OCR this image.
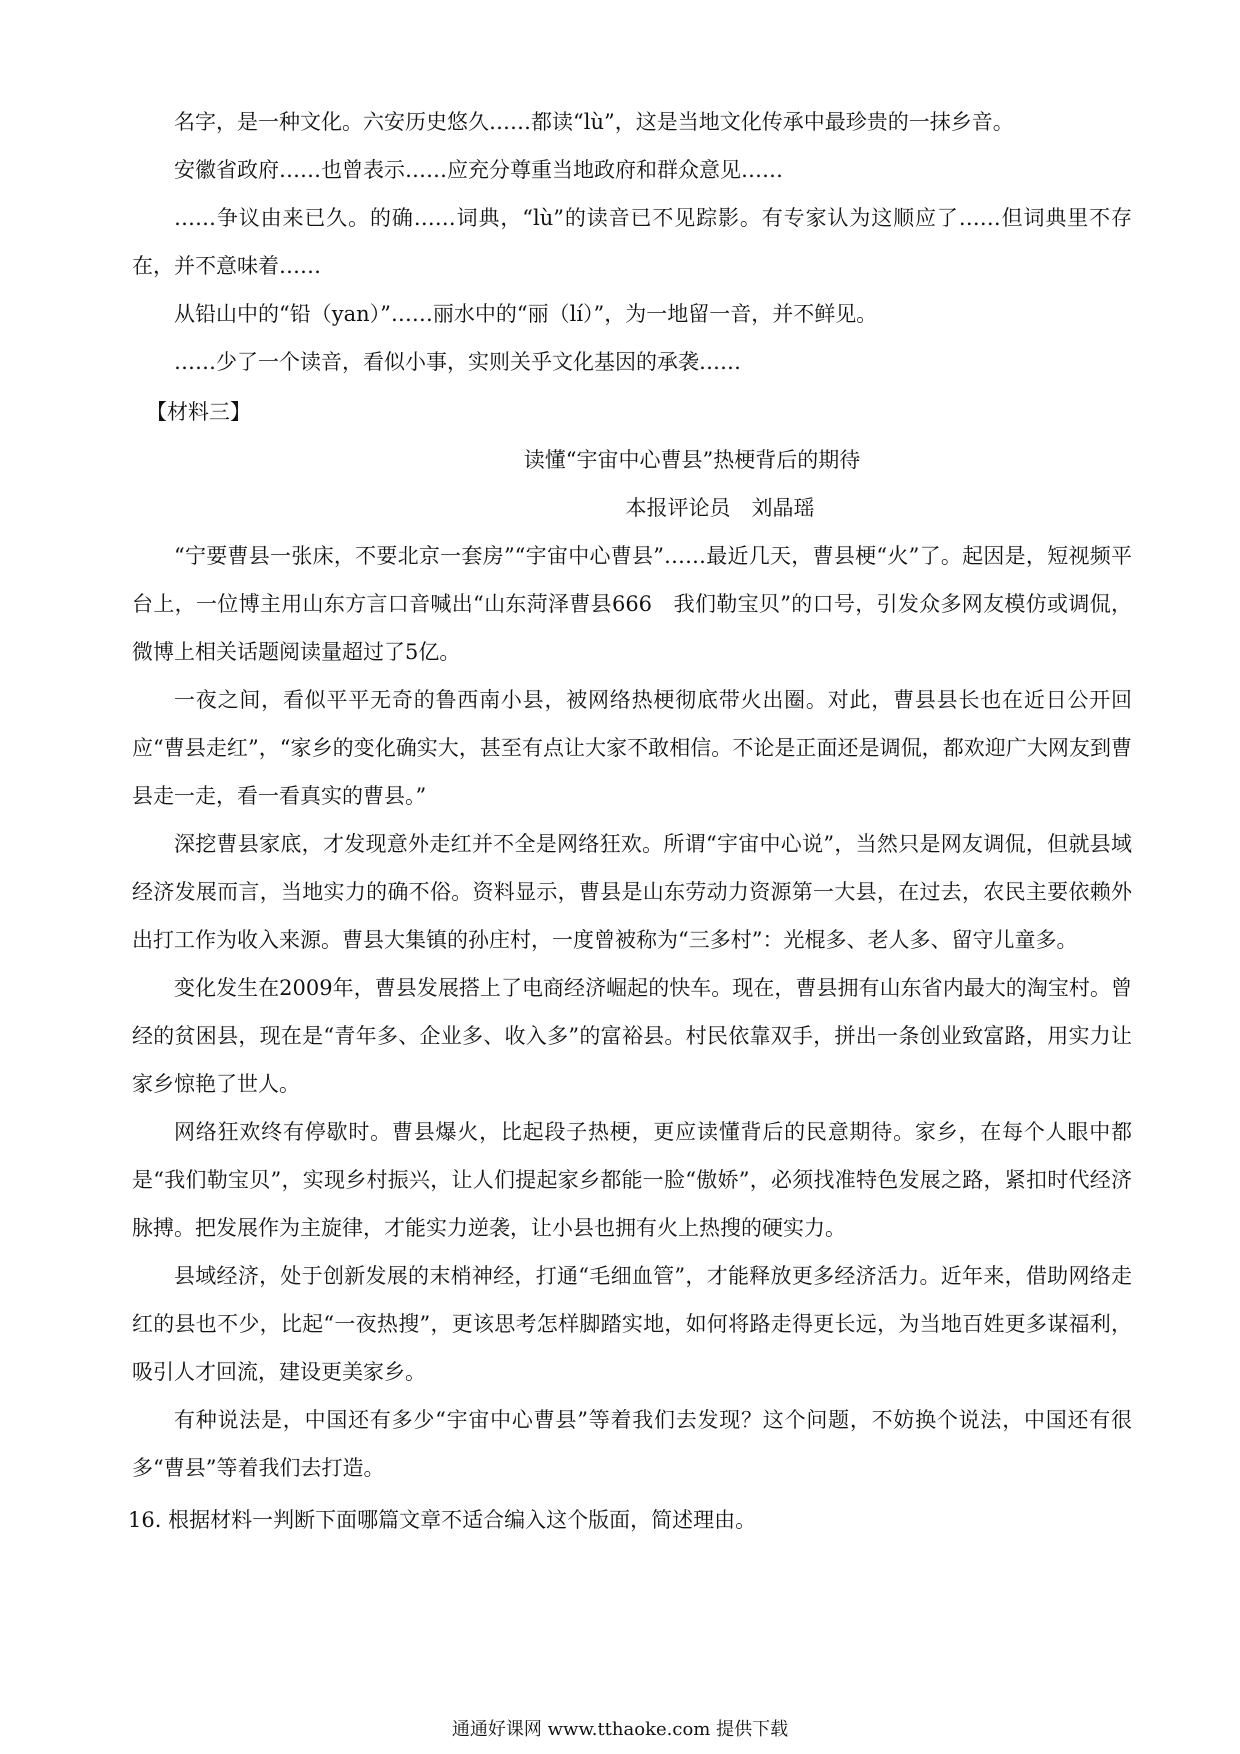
名字，是一种文化。六安历史悠久……都读“lù”，这是当地文化传承中最珍贵的一抹乡音。

安徽省政府……也曾表示……应充分尊重当地政府和群众意见……

……争议由来已久。的确……词典，“lù”的读音已不见踪影。有专家认为这顺应了……但词典里不存在，并不意味着……

从铅山中的“铅（yan）”……丽水中的“丽（lí）”，为一地留一音，并不鲜见。

……少了一个读音，看似小事，实则关乎文化基因的承袭……

【材料三】

读懂“宇宙中心曹县”热梗背后的期待

本报评论员　刘晶瑶

“宁要曹县一张床，不要北京一套房”“宇宙中心曹县”……最近几天，曹县梗“火”了。起因是，短视频平台上，一位博主用山东方言口音喊出“山东菏泽曹县666　我们勒宝贝”的口号，引发众多网友模仿或调侃，微博上相关话题阅读量超过了5亿。

一夜之间，看似平平无奇的鲁西南小县，被网络热梗彻底带火出圈。对此，曹县县长也在近日公开回应“曹县走红”，“家乡的变化确实大，甚至有点让大家不敢相信。不论是正面还是调侃，都欢迎广大网友到曹县走一走，看一看真实的曹县。”

深挖曹县家底，才发现意外走红并不全是网络狂欢。所谓“宇宙中心说”，当然只是网友调侃，但就县域经济发展而言，当地实力的确不俗。资料显示，曹县是山东劳动力资源第一大县，在过去，农民主要依赖外出打工作为收入来源。曹县大集镇的孙庄村，一度曾被称为“三多村”：光棍多、老人多、留守儿童多。

变化发生在2009年，曹县发展搭上了电商经济崛起的快车。现在，曹县拥有山东省内最大的淘宝村。曾经的贫困县，现在是“青年多、企业多、收入多”的富裕县。村民依靠双手，拼出一条创业致富路，用实力让家乡惊艳了世人。

网络狂欢终有停歇时。曹县爆火，比起段子热梗，更应读懂背后的民意期待。家乡，在每个人眼中都是“我们勒宝贝”，实现乡村振兴，让人们提起家乡都能一脸“傲娇”，必须找准特色发展之路，紧扣时代经济脉搏。把发展作为主旋律，才能实力逆袭，让小县也拥有火上热搜的硬实力。

县域经济，处于创新发展的末梢神经，打通“毛细血管”，才能释放更多经济活力。近年来，借助网络走红的县也不少，比起“一夜热搜”，更该思考怎样脚踏实地，如何将路走得更长远，为当地百姓更多谋福利，吸引人才回流，建设更美家乡。

有种说法是，中国还有多少“宇宙中心曹县”等着我们去发现？这个问题，不妨换个说法，中国还有很多“曹县”等着我们去打造。

16. 根据材料一判断下面哪篇文章不适合编入这个版面，简述理由。

通通好课网 www.tthaoke.com 提供下载
